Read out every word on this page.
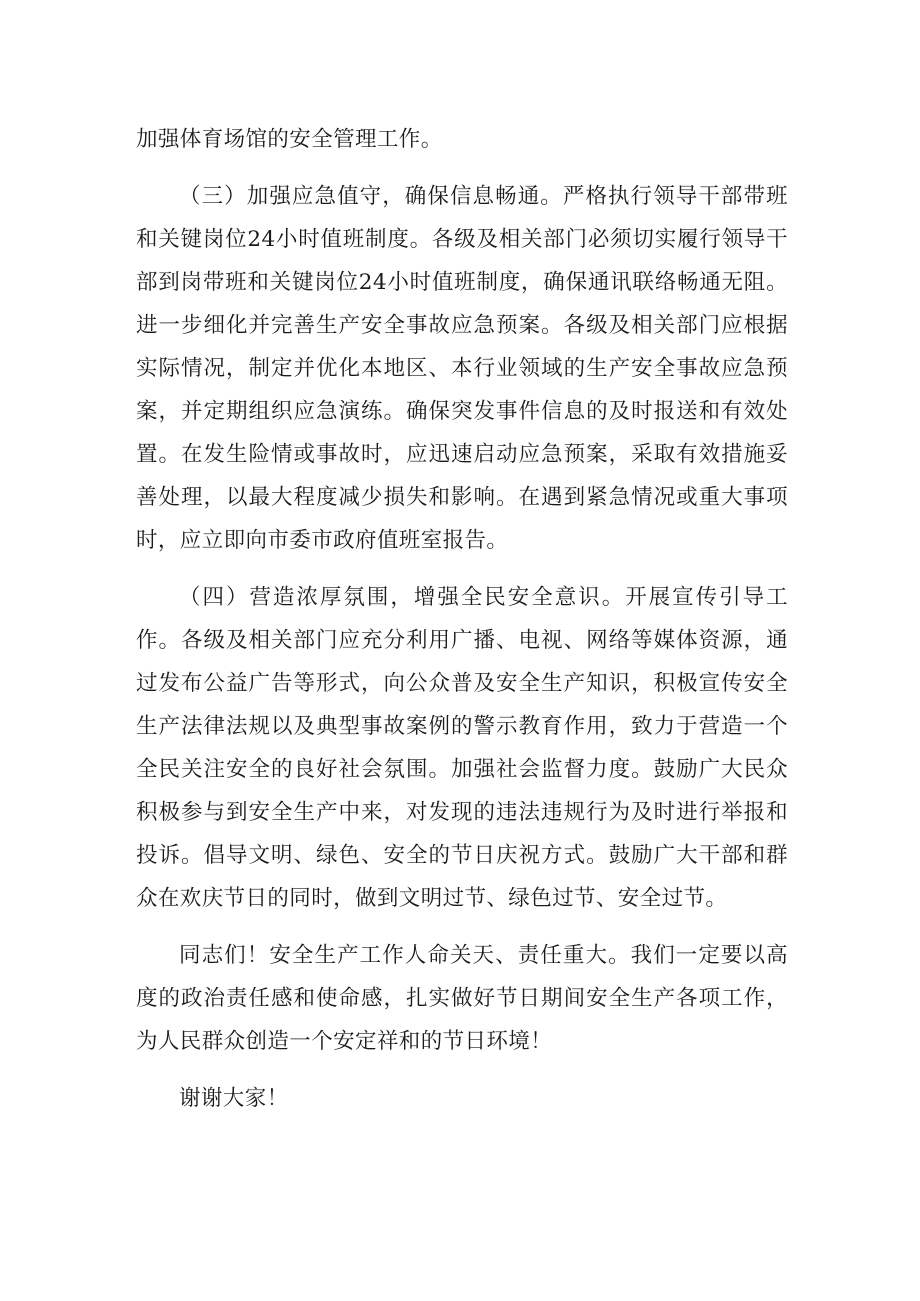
加强体育场馆的安全管理工作。

（三）加强应急值守，确保信息畅通。严格执行领导干部带班和关键岗位24小时值班制度。各级及相关部门必须切实履行领导干部到岗带班和关键岗位24小时值班制度，确保通讯联络畅通无阻。进一步细化并完善生产安全事故应急预案。各级及相关部门应根据实际情况，制定并优化本地区、本行业领域的生产安全事故应急预案，并定期组织应急演练。确保突发事件信息的及时报送和有效处置。在发生险情或事故时，应迅速启动应急预案，采取有效措施妥善处理，以最大程度减少损失和影响。在遇到紧急情况或重大事项时，应立即向市委市政府值班室报告。

（四）营造浓厚氛围，增强全民安全意识。开展宣传引导工作。各级及相关部门应充分利用广播、电视、网络等媒体资源，通过发布公益广告等形式，向公众普及安全生产知识，积极宣传安全生产法律法规以及典型事故案例的警示教育作用，致力于营造一个全民关注安全的良好社会氛围。加强社会监督力度。鼓励广大民众积极参与到安全生产中来，对发现的违法违规行为及时进行举报和投诉。倡导文明、绿色、安全的节日庆祝方式。鼓励广大干部和群众在欢庆节日的同时，做到文明过节、绿色过节、安全过节。

同志们！安全生产工作人命关天、责任重大。我们一定要以高度的政治责任感和使命感，扎实做好节日期间安全生产各项工作，为人民群众创造一个安定祥和的节日环境！

谢谢大家！
